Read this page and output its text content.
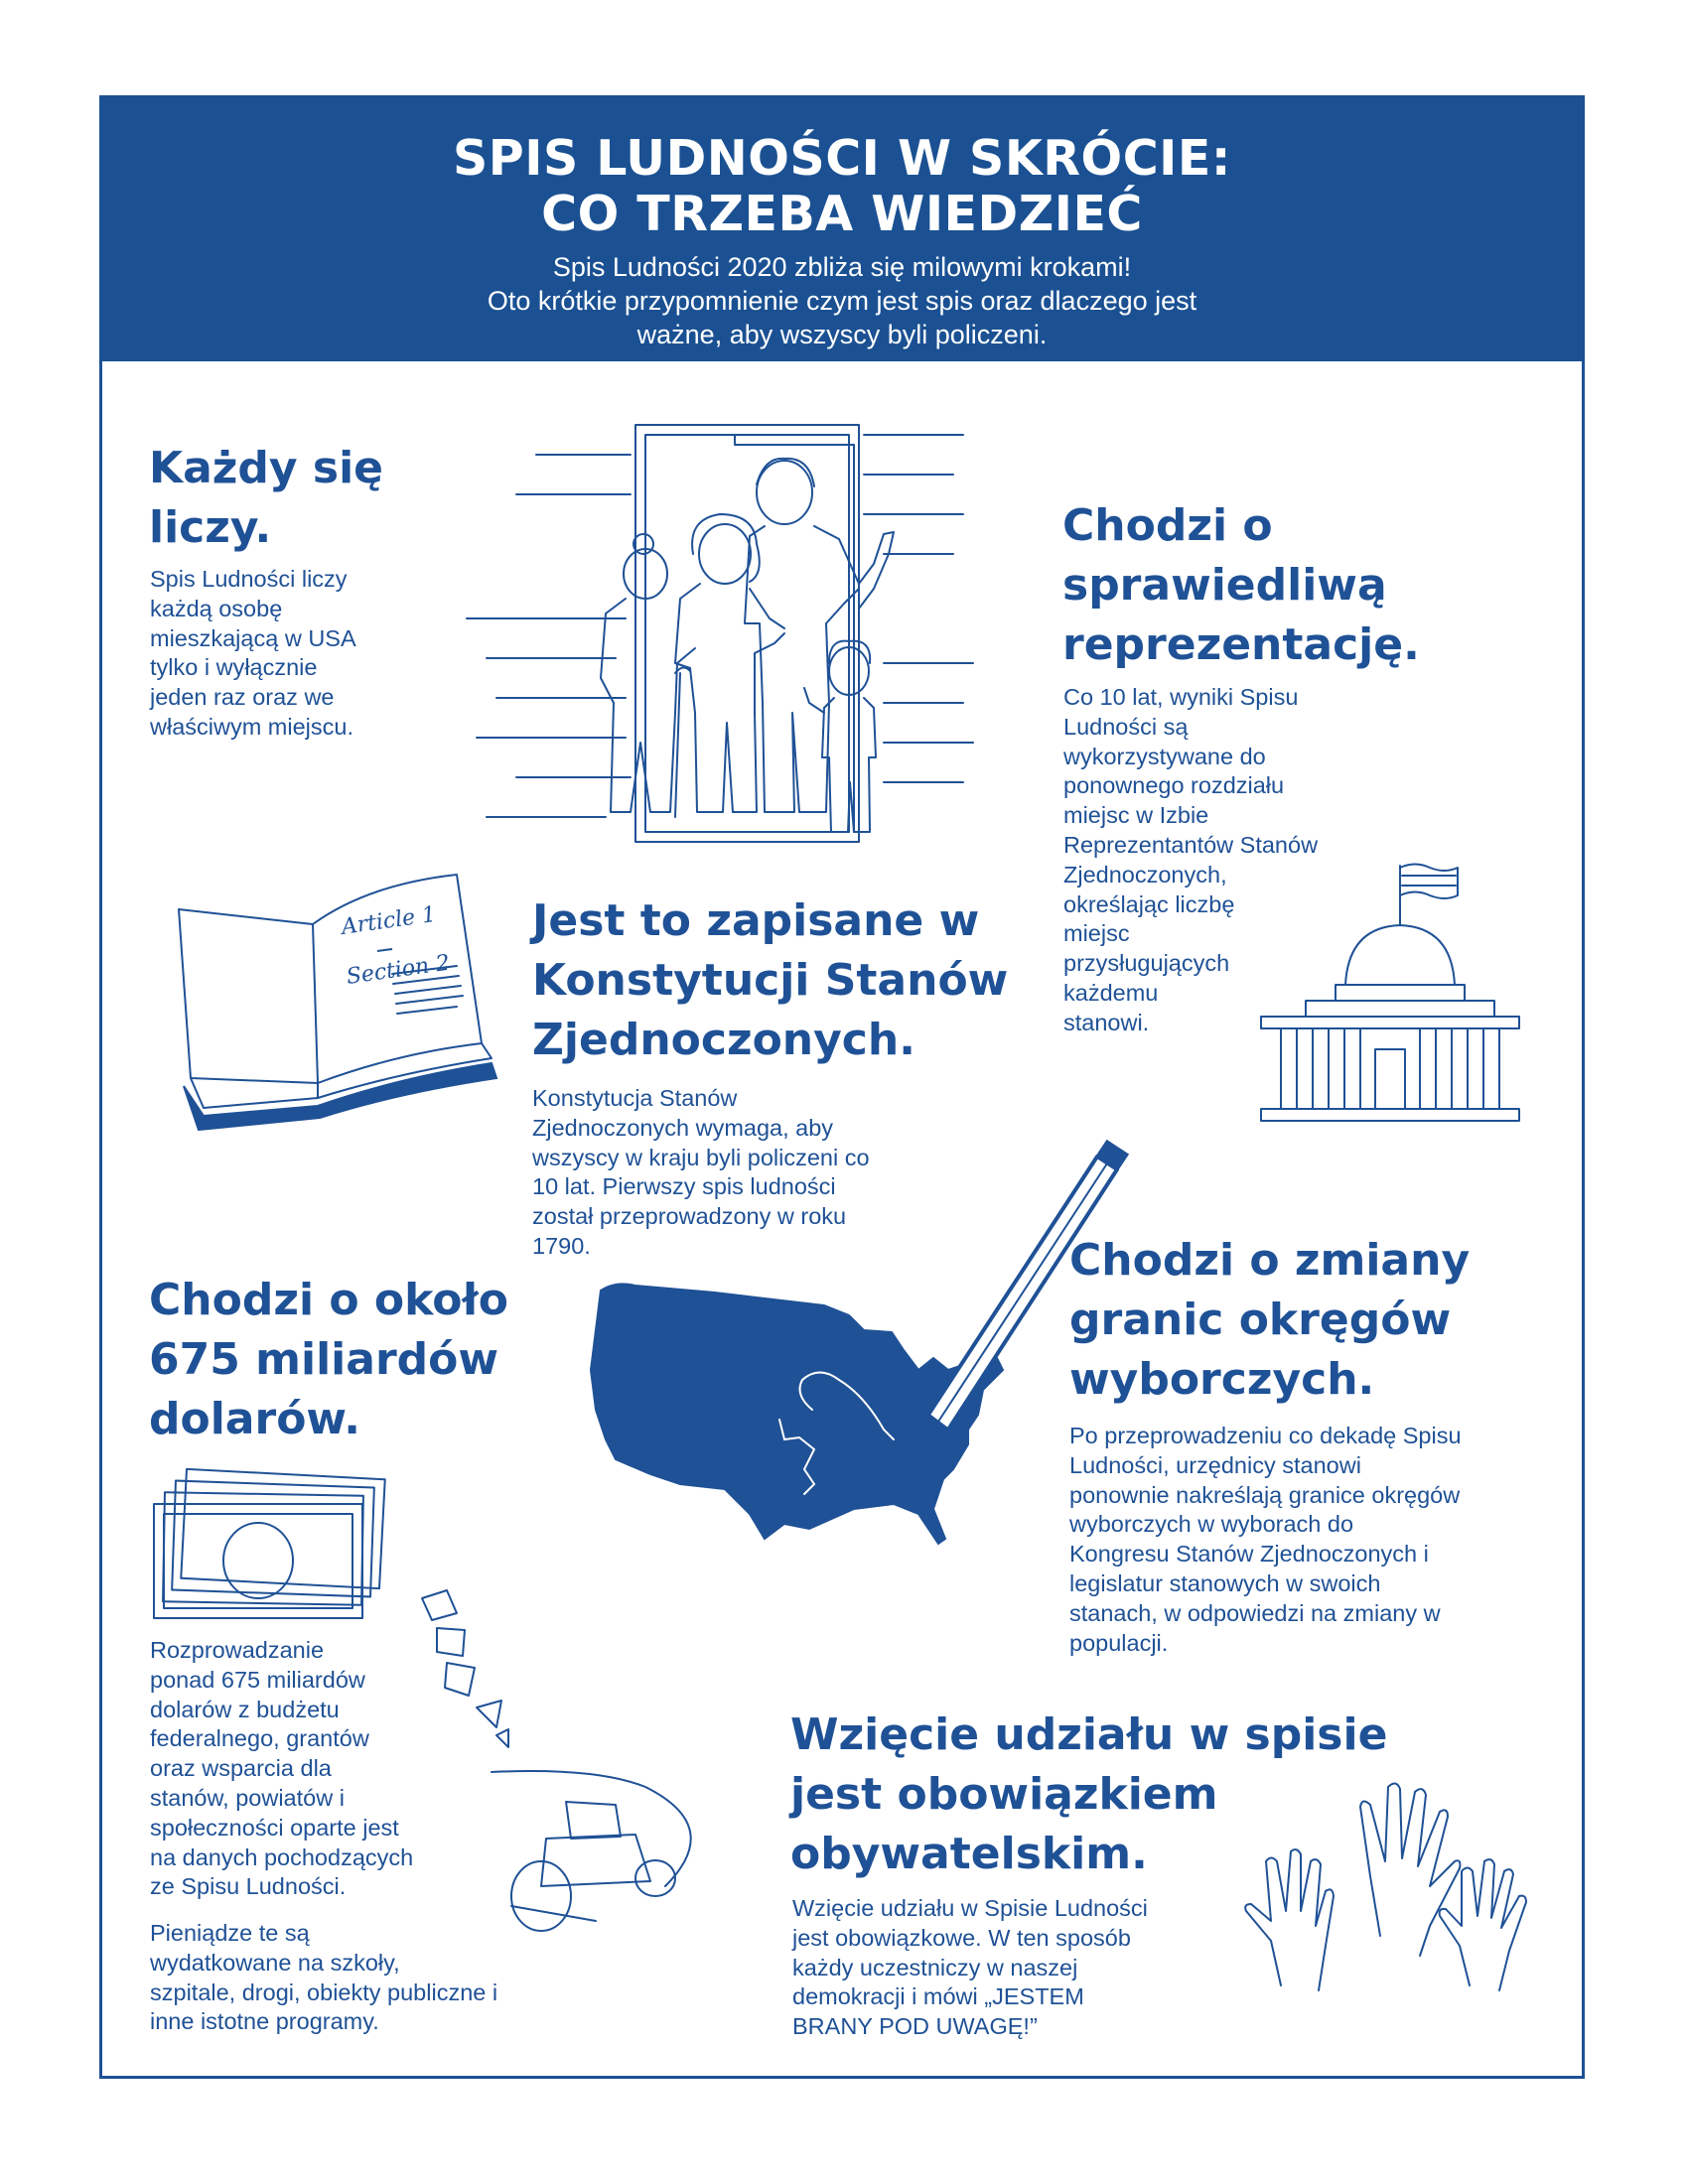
SPIS LUDNOŚCI W SKRÓCIE:
CO TRZEBA WIEDZIEĆ
Spis Ludności 2020 zbliża się milowymi krokami!
Oto krótkie przypomnienie czym jest spis oraz dlaczego jest
ważne, aby wszyscy byli policzeni.
Każdy się
liczy.
Spis Ludności liczy
każdą osobę
mieszkającą w USA
tylko i wyłącznie
jeden raz oraz we
właściwym miejscu.
Chodzi o
sprawiedliwą
reprezentację.
Co 10 lat, wyniki Spisu
Ludności są
wykorzystywane do
ponownego rozdziału
miejsc w Izbie
Reprezentantów Stanów
Zjednoczonych,
określając liczbę
miejsc
przysługujących
każdemu
stanowi.
Article 1
Section 2
Jest to zapisane w
Konstytucji Stanów
Zjednoczonych.
Konstytucja Stanów
Zjednoczonych wymaga, aby
wszyscy w kraju byli policzeni co
10 lat. Pierwszy spis ludności
został przeprowadzony w roku
1790.
Chodzi o około
675 miliardów
dolarów.
Rozprowadzanie
ponad 675 miliardów
dolarów z budżetu
federalnego, grantów
oraz wsparcia dla
stanów, powiatów i
społeczności oparte jest
na danych pochodzących
ze Spisu Ludności.
Pieniądze te są
wydatkowane na szkoły,
szpitale, drogi, obiekty publiczne i
inne istotne programy.
Chodzi o zmiany
granic okręgów
wyborczych.
Po przeprowadzeniu co dekadę Spisu
Ludności, urzędnicy stanowi
ponownie nakreślają granice okręgów
wyborczych w wyborach do
Kongresu Stanów Zjednoczonych i
legislatur stanowych w swoich
stanach, w odpowiedzi na zmiany w
populacji.
Wzięcie udziału w spisie
jest obowiązkiem
obywatelskim.
Wzięcie udziału w Spisie Ludności
jest obowiązkowe. W ten sposób
każdy uczestniczy w naszej
demokracji i mówi „JESTEM
BRANY POD UWAGĘ!”
